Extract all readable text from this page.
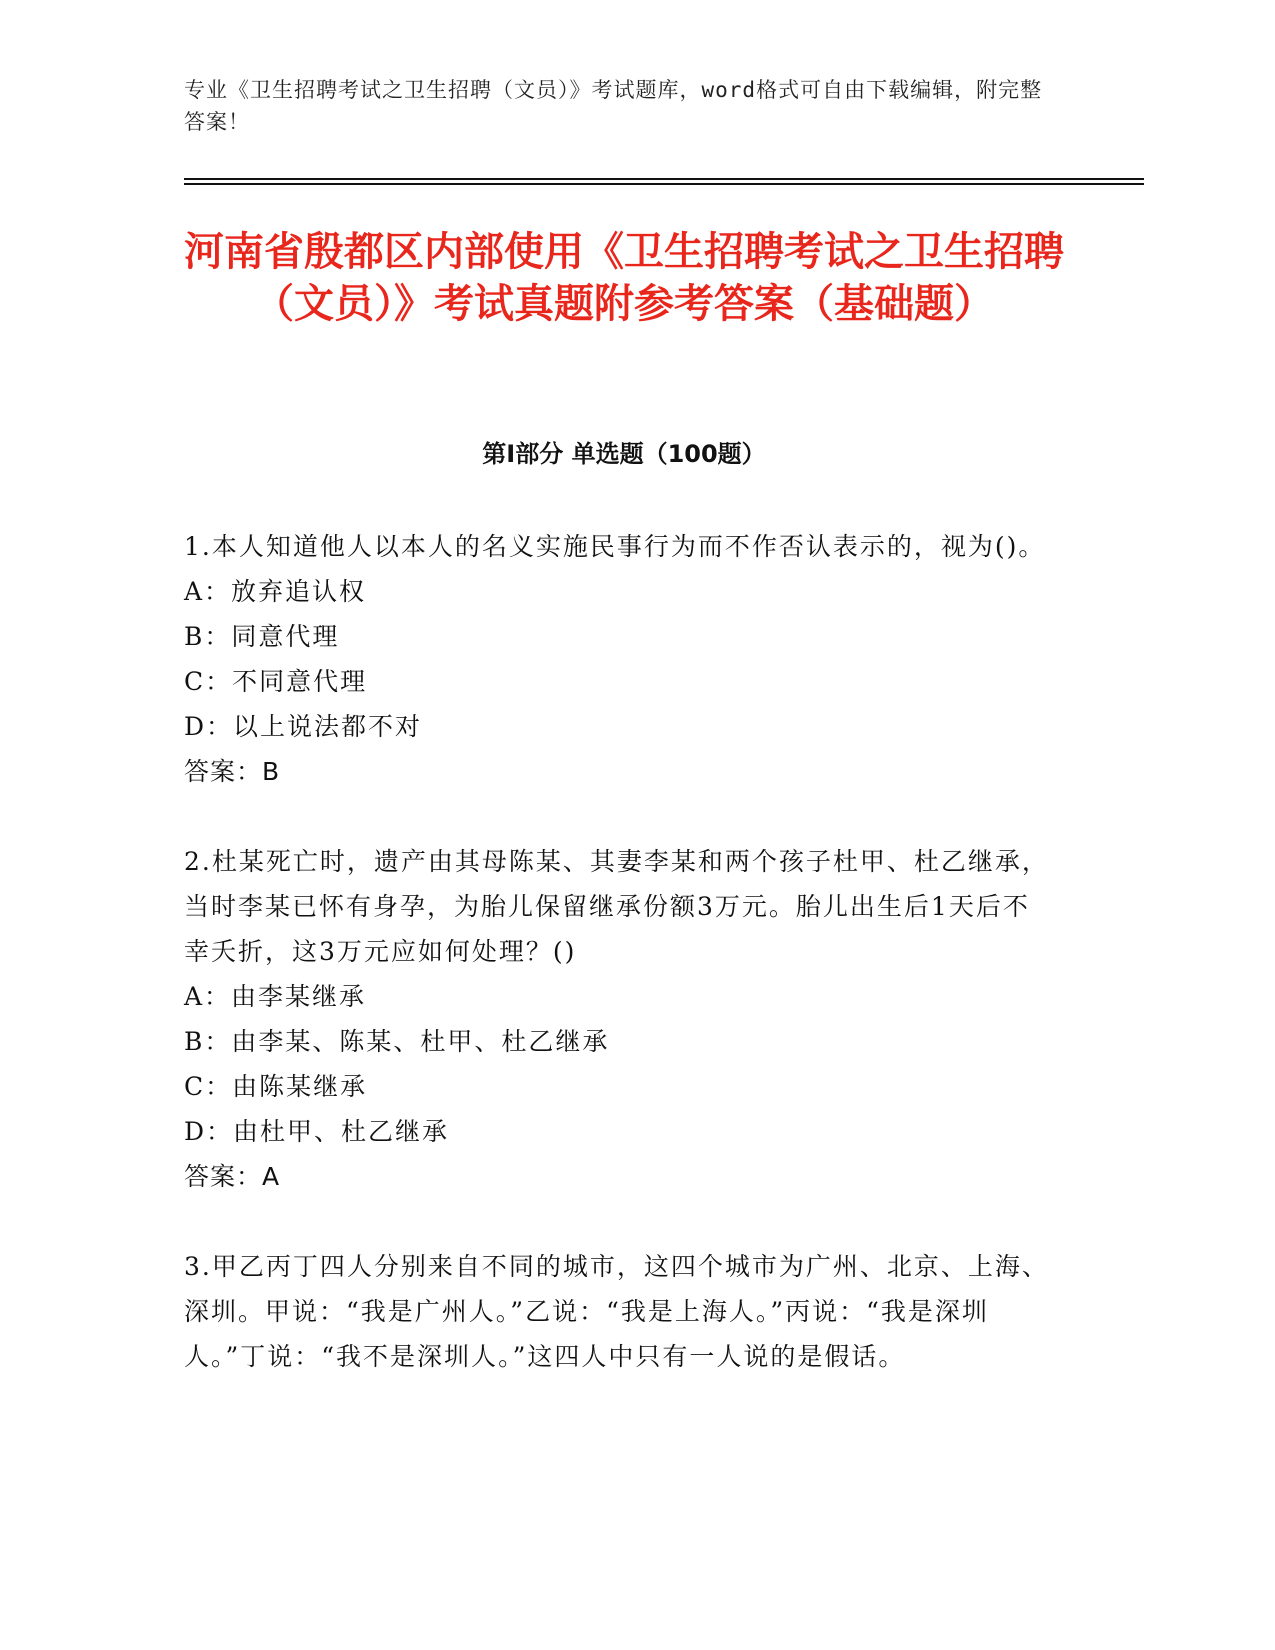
专业《卫生招聘考试之卫生招聘（文员）》考试题库，word格式可自由下载编辑，附完整答案！
河南省殷都区内部使用《卫生招聘考试之卫生招聘（文员）》考试真题附参考答案（基础题）
第Ⅰ部分 单选题（100题）

1.本人知道他人以本人的名义实施民事行为而不作否认表示的，视为()。

A：放弃追认权

B：同意代理

C：不同意代理

D：以上说法都不对

答案：B

2.杜某死亡时，遗产由其母陈某、其妻李某和两个孩子杜甲、杜乙继承，当时李某已怀有身孕，为胎儿保留继承份额3万元。胎儿出生后1天后不幸夭折，这3万元应如何处理？()

A：由李某继承

B：由李某、陈某、杜甲、杜乙继承

C：由陈某继承

D：由杜甲、杜乙继承

答案：A

3.甲乙丙丁四人分别来自不同的城市，这四个城市为广州、北京、上海、深圳。甲说：“我是广州人。”乙说：“我是上海人。”丙说：“我是深圳人。”丁说：“我不是深圳人。”这四人中只有一人说的是假话。
